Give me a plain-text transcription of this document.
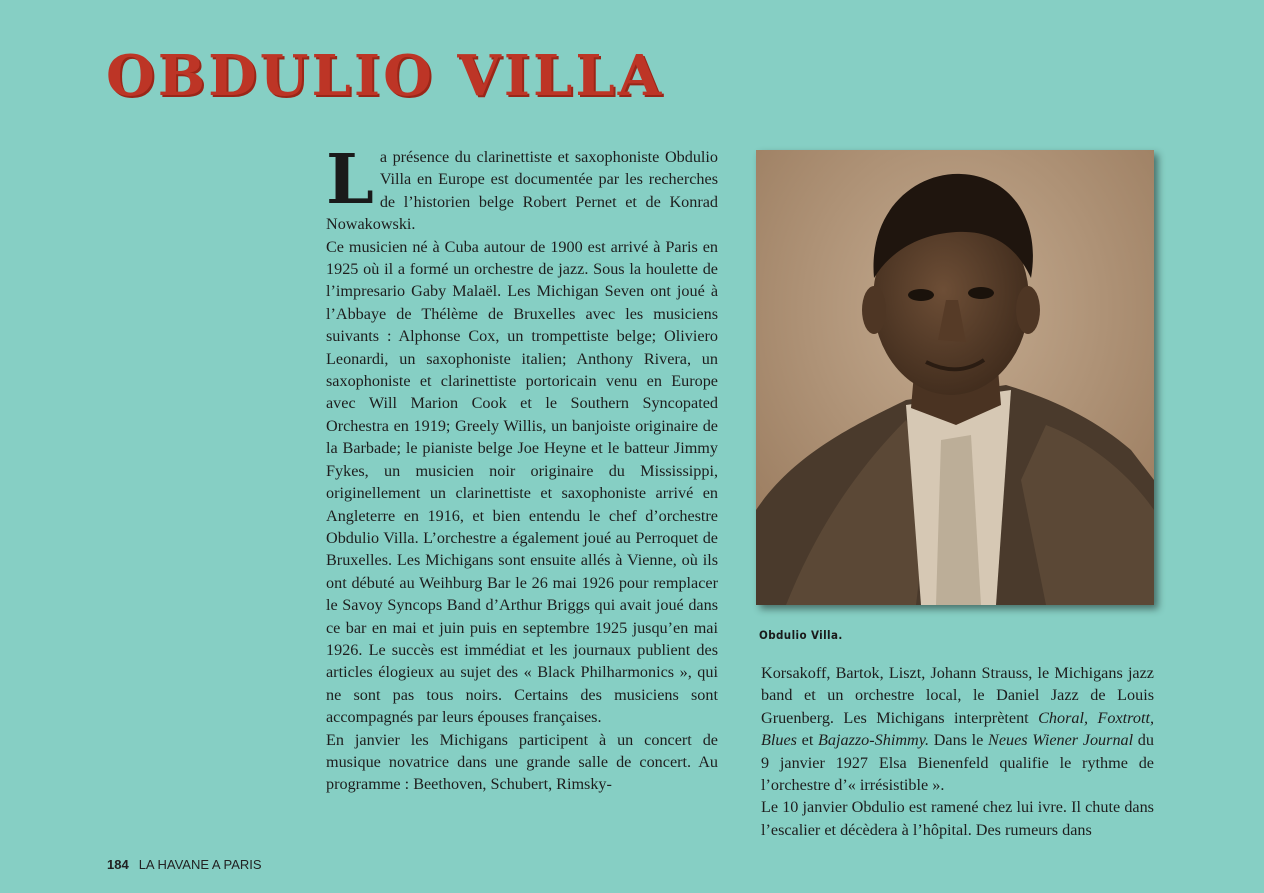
OBDULIO VILLA

La présence du clarinettiste et saxophoniste Obdulio Villa en Europe est documentée par les recherches de l’historien belge Robert Pernet et de Konrad Nowakowski.

Ce musicien né à Cuba autour de 1900 est arrivé à Paris en 1925 où il a formé un orchestre de jazz. Sous la houlette de l’impresario Gaby Malaël. Les Michigan Seven ont joué à l’Abbaye de Thélème de Bruxelles avec les musiciens suivants : Alphonse Cox, un trompettiste belge; Oliviero Leonardi, un saxophoniste italien; Anthony Rivera, un saxophoniste et clarinettiste portoricain venu en Europe avec Will Marion Cook et le Southern Syncopated Orchestra en 1919; Greely Willis, un banjoiste originaire de la Barbade; le pianiste belge Joe Heyne et le batteur Jimmy Fykes, un musicien noir originaire du Mississippi, originellement un clarinettiste et saxophoniste arrivé en Angleterre en 1916, et bien entendu le chef d’orchestre Obdulio Villa. L’orchestre a également joué au Perroquet de Bruxelles. Les Michigans sont ensuite allés à Vienne, où ils ont débuté au Weihburg Bar le 26 mai 1926 pour remplacer le Savoy Syncops Band d’Arthur Briggs qui avait joué dans ce bar en mai et juin puis en septembre 1925 jusqu’en mai 1926. Le succès est immédiat et les journaux publient des articles élogieux au sujet des « Black Philharmonics », qui ne sont pas tous noirs. Certains des musiciens sont accompagnés par leurs épouses françaises.

En janvier les Michigans participent à un concert de musique novatrice dans une grande salle de concert. Au programme : Beethoven, Schubert, Rimsky-

Obdulio Villa.

Korsakoff, Bartok, Liszt, Johann Strauss, le Michigans jazz band et un orchestre local, le Daniel Jazz de Louis Gruenberg. Les Michigans interprètent Choral, Foxtrott, Blues et Bajazzo-Shimmy. Dans le Neues Wiener Journal du 9 janvier 1927 Elsa Bienenfeld qualifie le rythme de l’orchestre d’« irrésistible ».

Le 10 janvier Obdulio est ramené chez lui ivre. Il chute dans l’escalier et décèdera à l’hôpital. Des rumeurs dans

184 LA HAVANE A PARIS
